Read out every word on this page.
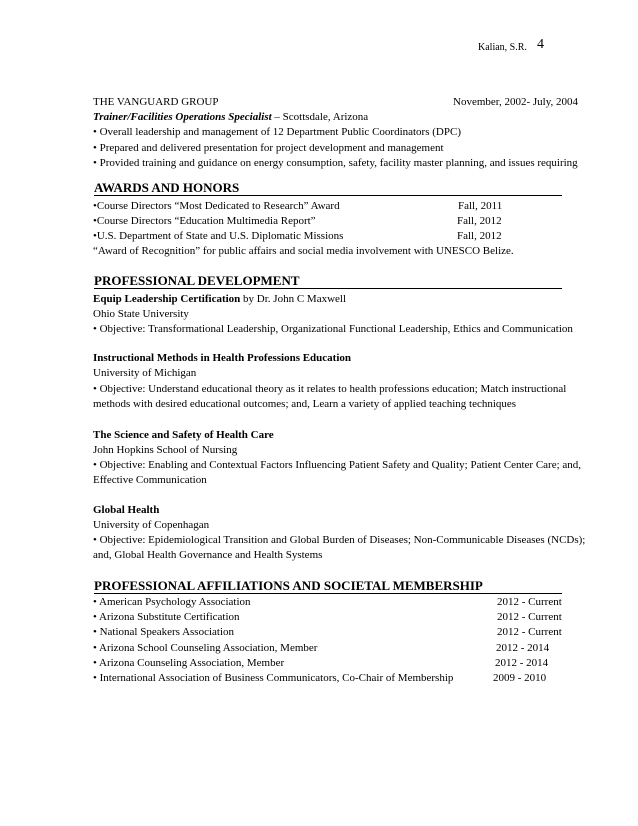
Kalian, S.R. 4
THE VANGUARD GROUP	November, 2002- July, 2004
Trainer/Facilities Operations Specialist – Scottsdale, Arizona
• Overall leadership and management of 12 Department Public Coordinators (DPC)
• Prepared and delivered presentation for project development and management
• Provided training and guidance on energy consumption, safety, facility master planning, and issues requiring
AWARDS AND HONORS
•Course Directors “Most Dedicated to Research” Award	Fall, 2011
•Course Directors “Education Multimedia Report”	Fall, 2012
•U.S. Department of State and U.S. Diplomatic Missions	Fall, 2012
“Award of Recognition” for public affairs and social media involvement with UNESCO Belize.
PROFESSIONAL DEVELOPMENT
Equip Leadership Certification by Dr. John C Maxwell
Ohio State University
• Objective: Transformational Leadership, Organizational Functional Leadership, Ethics and Communication
Instructional Methods in Health Professions Education
University of Michigan
• Objective: Understand educational theory as it relates to health professions education; Match instructional
methods with desired educational outcomes; and, Learn a variety of applied teaching techniques
The Science and Safety of Health Care
John Hopkins School of Nursing
• Objective: Enabling and Contextual Factors Influencing Patient Safety and Quality; Patient Center Care; and,
Effective Communication
Global Health
University of Copenhagan
• Objective: Epidemiological Transition and Global Burden of Diseases; Non-Communicable Diseases (NCDs);
and, Global Health Governance and Health Systems
PROFESSIONAL AFFILIATIONS AND SOCIETAL MEMBERSHIP
• American Psychology Association	2012 - Current
• Arizona Substitute Certification	2012 - Current
• National Speakers Association	2012 - Current
• Arizona School Counseling Association, Member	2012 - 2014
• Arizona Counseling Association, Member	2012 - 2014
• International Association of Business Communicators, Co-Chair of Membership	2009 - 2010
